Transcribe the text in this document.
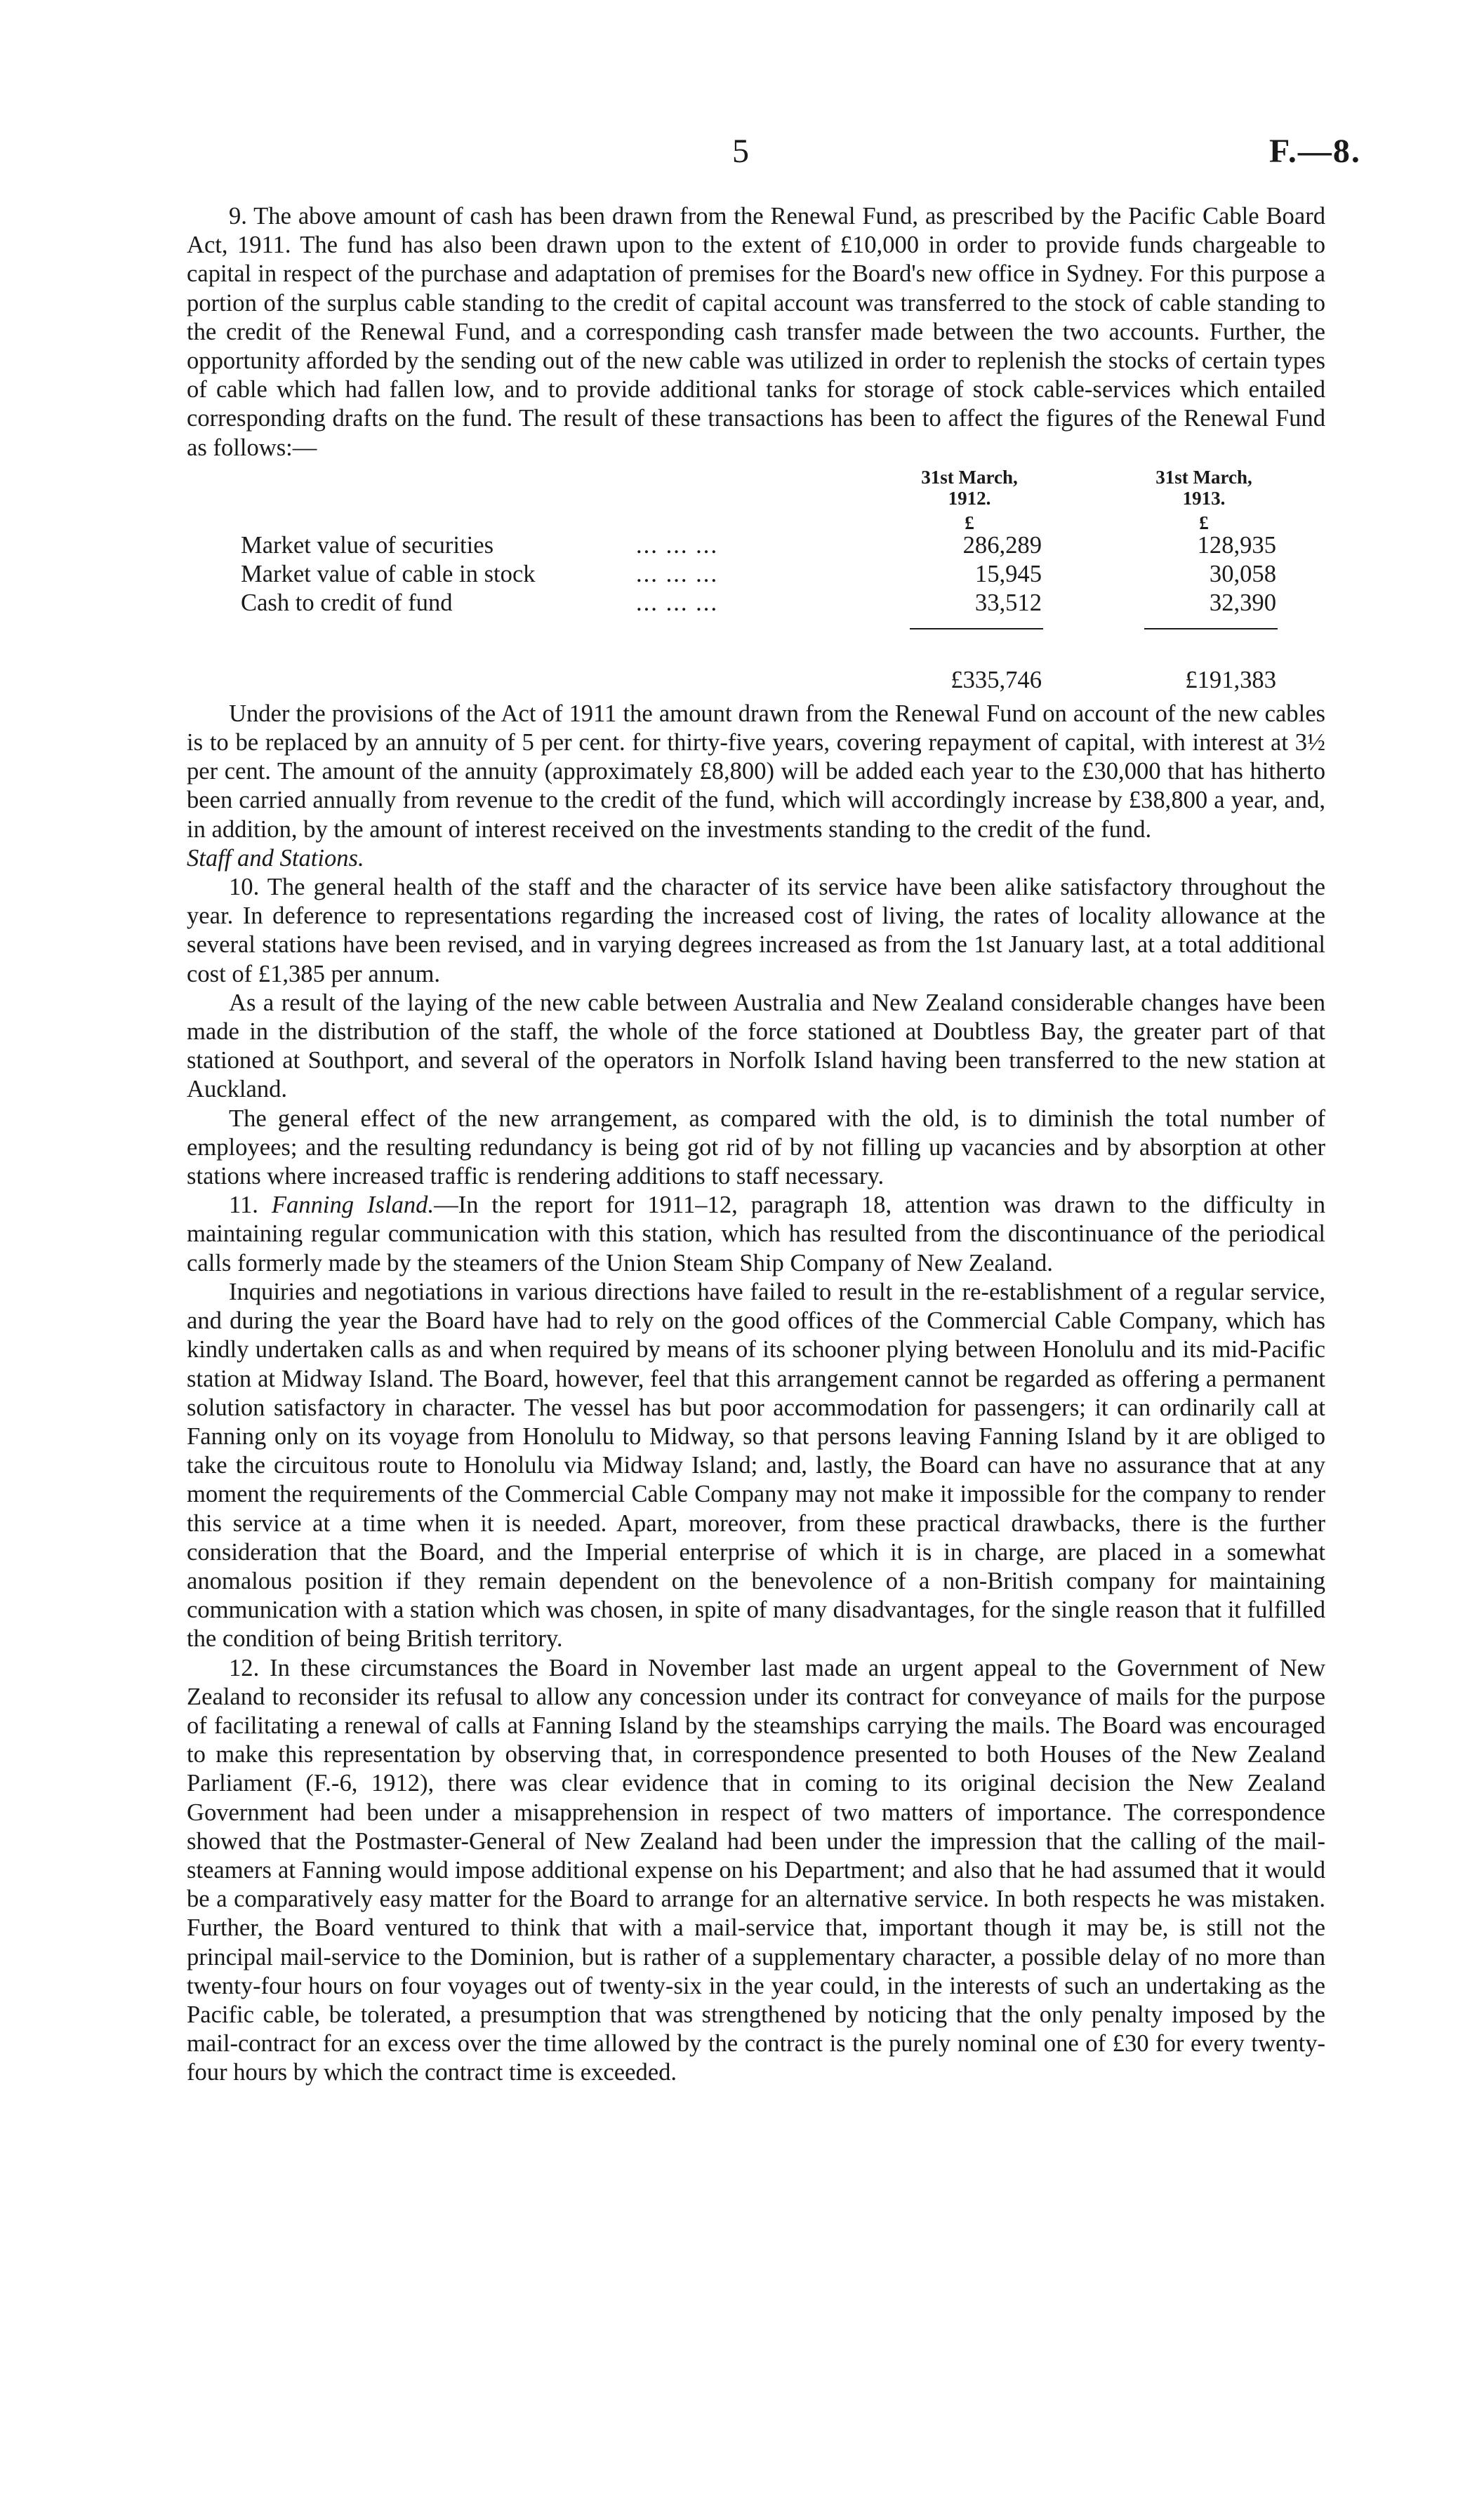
5	F.—8.

9. The above amount of cash has been drawn from the Renewal Fund, as prescribed by the Pacific Cable Board Act, 1911. The fund has also been drawn upon to the extent of £10,000 in order to provide funds chargeable to capital in respect of the purchase and adaptation of premises for the Board's new office in Sydney. For this purpose a portion of the surplus cable standing to the credit of capital account was transferred to the stock of cable standing to the credit of the Renewal Fund, and a corresponding cash transfer made between the two accounts. Further, the opportunity afforded by the sending out of the new cable was utilized in order to replenish the stocks of certain types of cable which had fallen low, and to provide additional tanks for storage of stock cable-services which entailed corresponding drafts on the fund. The result of these transactions has been to affect the figures of the Renewal Fund as follows:—

31st March,
1912.
31st March,
1913.
£	£
Market value of securities	... ... ...	286,289	128,935
Market value of cable in stock	... ... ...	15,945	30,058
Cash to credit of fund	... ... ...	33,512	32,390
£335,746	£191,383

Under the provisions of the Act of 1911 the amount drawn from the Renewal Fund on account of the new cables is to be replaced by an annuity of 5 per cent. for thirty-five years, covering repayment of capital, with interest at 3½ per cent. The amount of the annuity (approximately £8,800) will be added each year to the £30,000 that has hitherto been carried annually from revenue to the credit of the fund, which will accordingly increase by £38,800 a year, and, in addition, by the amount of interest received on the investments standing to the credit of the fund.

Staff and Stations.

10. The general health of the staff and the character of its service have been alike satisfactory throughout the year. In deference to representations regarding the increased cost of living, the rates of locality allowance at the several stations have been revised, and in varying degrees increased as from the 1st January last, at a total additional cost of £1,385 per annum.

As a result of the laying of the new cable between Australia and New Zealand considerable changes have been made in the distribution of the staff, the whole of the force stationed at Doubtless Bay, the greater part of that stationed at Southport, and several of the operators in Norfolk Island having been transferred to the new station at Auckland.

The general effect of the new arrangement, as compared with the old, is to diminish the total number of employees; and the resulting redundancy is being got rid of by not filling up vacancies and by absorption at other stations where increased traffic is rendering additions to staff necessary.

11. Fanning Island.—In the report for 1911–12, paragraph 18, attention was drawn to the difficulty in maintaining regular communication with this station, which has resulted from the discontinuance of the periodical calls formerly made by the steamers of the Union Steam Ship Company of New Zealand.

Inquiries and negotiations in various directions have failed to result in the re-establishment of a regular service, and during the year the Board have had to rely on the good offices of the Commercial Cable Company, which has kindly undertaken calls as and when required by means of its schooner plying between Honolulu and its mid-Pacific station at Midway Island. The Board, however, feel that this arrangement cannot be regarded as offering a permanent solution satisfactory in character. The vessel has but poor accommodation for passengers; it can ordinarily call at Fanning only on its voyage from Honolulu to Midway, so that persons leaving Fanning Island by it are obliged to take the circuitous route to Honolulu via Midway Island; and, lastly, the Board can have no assurance that at any moment the requirements of the Commercial Cable Company may not make it impossible for the company to render this service at a time when it is needed. Apart, moreover, from these practical drawbacks, there is the further consideration that the Board, and the Imperial enterprise of which it is in charge, are placed in a somewhat anomalous position if they remain dependent on the benevolence of a non-British company for maintaining communication with a station which was chosen, in spite of many disadvantages, for the single reason that it fulfilled the condition of being British territory.

12. In these circumstances the Board in November last made an urgent appeal to the Government of New Zealand to reconsider its refusal to allow any concession under its contract for conveyance of mails for the purpose of facilitating a renewal of calls at Fanning Island by the steamships carrying the mails. The Board was encouraged to make this representation by observing that, in correspondence presented to both Houses of the New Zealand Parliament (F.-6, 1912), there was clear evidence that in coming to its original decision the New Zealand Government had been under a misapprehension in respect of two matters of importance. The correspondence showed that the Postmaster-General of New Zealand had been under the impression that the calling of the mail-steamers at Fanning would impose additional expense on his Department; and also that he had assumed that it would be a comparatively easy matter for the Board to arrange for an alternative service. In both respects he was mistaken. Further, the Board ventured to think that with a mail-service that, important though it may be, is still not the principal mail-service to the Dominion, but is rather of a supplementary character, a possible delay of no more than twenty-four hours on four voyages out of twenty-six in the year could, in the interests of such an undertaking as the Pacific cable, be tolerated, a presumption that was strengthened by noticing that the only penalty imposed by the mail-contract for an excess over the time allowed by the contract is the purely nominal one of £30 for every twenty-four hours by which the contract time is exceeded.
